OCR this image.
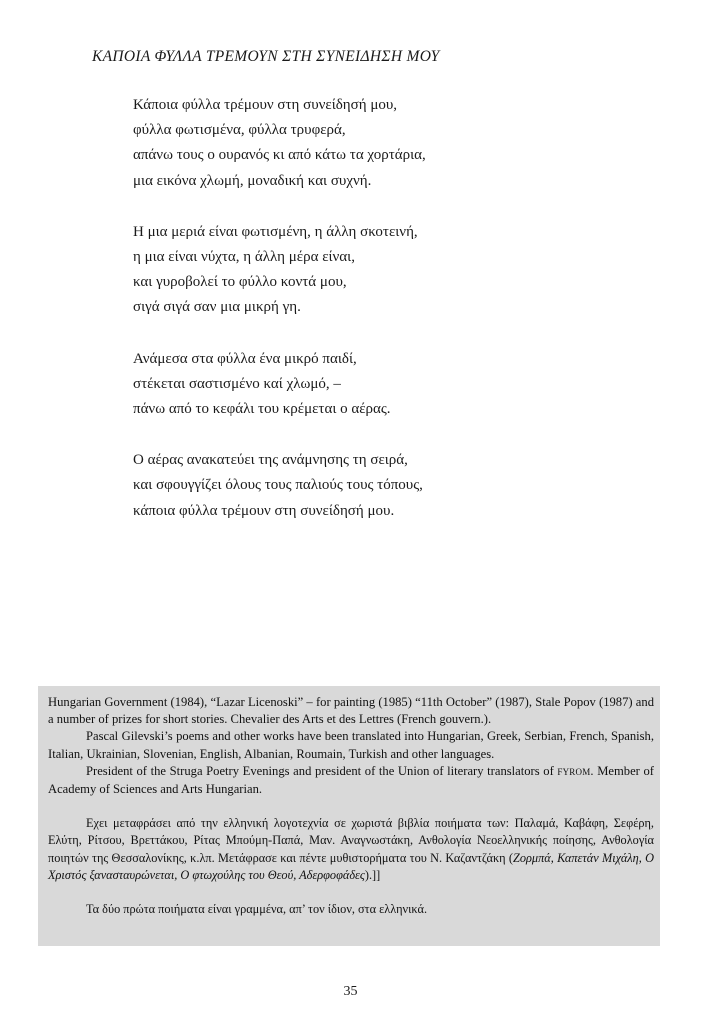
ΚΑΠΟΙΑ ΦΥΛΛΑ ΤΡΕΜΟΥΝ ΣΤΗ ΣΥΝΕΙΔΗΣΗ ΜΟΥ
Κάποια φύλλα τρέμουν στη συνείδησή μου,
φύλλα φωτισμένα, φύλλα τρυφερά,
απάνω τους ο ουρανός κι από κάτω τα χορτάρια,
μια εικόνα χλωμή, μοναδική και συχνή.
Η μια μεριά είναι φωτισμένη, η άλλη σκοτεινή,
η μια είναι νύχτα, η άλλη μέρα είναι,
και γυροβολεί το φύλλο κοντά μου,
σιγά σιγά σαν μια μικρή γη.
Ανάμεσα στα φύλλα ένα μικρό παιδί,
στέκεται σαστισμένο καί χλωμό, –
πάνω από το κεφάλι του κρέμεται ο αέρας.
Ο αέρας ανακατεύει της ανάμνησης τη σειρά,
και σφουγγίζει όλους τους παλιούς τους τόπους,
κάποια φύλλα τρέμουν στη συνείδησή μου.

Hungarian Government (1984), “Lazar Licenoski” – for painting (1985) “11th October” (1987), Stale Popov (1987) and a number of prizes for short stories. Chevalier des Arts et des Lettres (French gouvern.).

Pascal Gilevski’s poems and other works have been translated into Hungarian, Greek, Serbian, French, Spanish, Italian, Ukrainian, Slovenian, English, Albanian, Roumain, Turkish and other languages.

President of the Struga Poetry Evenings and president of the Union of literary translators of FYROM. Member of Academy of Sciences and Arts Hungarian.

Εχει μεταφράσει από την ελληνική λογοτεχνία σε χωριστά βιβλία ποιήματα των: Παλαμά, Καβάφη, Σεφέρη, Ελύτη, Ρίτσου, Βρεττάκου, Ρίτας Μπούμη-Παπά, Μαν. Αναγνωστάκη, Ανθολογία Νεοελληνικής ποίησης, Ανθολογία ποιητών της Θεσσαλονίκης, κ.λπ. Μετάφρασε και πέντε μυθιστορήματα του Ν. Καζαντζάκη (Ζορμπά, Καπετάν Μιχάλη, Ο Χριστός ξανασταυρώνεται, Ο φτωχούλης του Θεού, Αδερφοφάδες).]]

Τα δύο πρώτα ποιήματα είναι γραμμένα, απ’ τον ίδιον, στα ελληνικά.

35
